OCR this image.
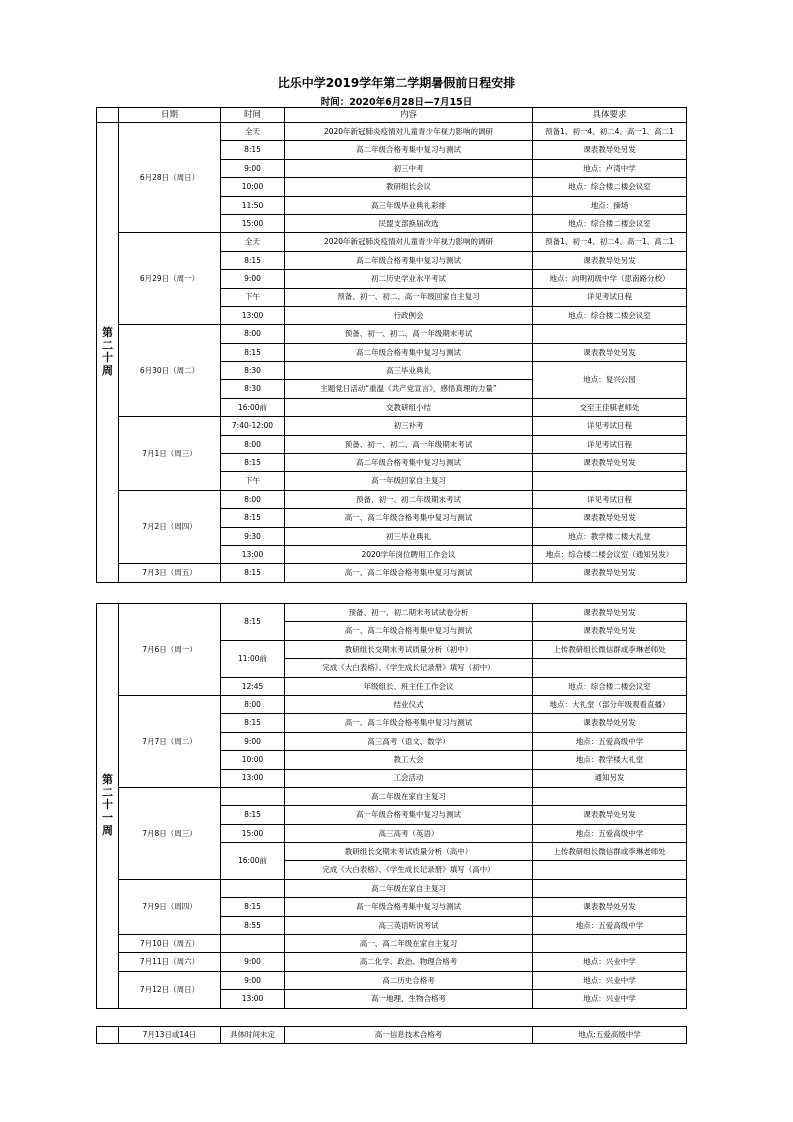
比乐中学2019学年第二学期暑假前日程安排
时间：2020年6月28日—7月15日
	日期	时间	内容	具体要求
第二十周	6月28日（周日）	全天	2020年新冠肺炎疫情对儿童青少年视力影响的调研	预备1、初一4、初二4、高一1、高二1
		8:15	高二年级合格考集中复习与测试	课表教导处另发
		9:00	初三中考	地点：卢湾中学
		10:00	教研组长会议	地点：综合楼二楼会议室
		11:50	高三年级毕业典礼彩排	地点：操场
		15:00	民盟支部换届改选	地点：综合楼二楼会议室
	6月29日（周一）	全天	2020年新冠肺炎疫情对儿童青少年视力影响的调研	预备1、初一4、初二4、高一1、高二1
		8:15	高二年级合格考集中复习与测试	课表教导处另发
		9:00	初二历史学业水平考试	地点：向明初级中学（思南路分校）
		下午	预备、初一、初二、高一年级回家自主复习	详见考试日程
		13:00	行政例会	地点：综合楼二楼会议室
	6月30日（周二）	8:00	预备、初一、初二、高一年级期末考试	
		8:15	高二年级合格考集中复习与测试	课表教导处另发
		8:30	高三毕业典礼	地点：复兴公园
		8:30	主题党日活动“重温《共产党宣言》，感悟真理的力量”	
		16:00前	交教研组小结	交至王佳骐老师处
	7月1日（周三）	7:40-12:00	初三补考	详见考试日程
		8:00	预备、初一、初二、高一年级期末考试	详见考试日程
		8:15	高二年级合格考集中复习与测试	课表教导处另发
		下午	高一年级回家自主复习	
	7月2日（周四）	8:00	预备、初一、初二年级期末考试	详见考试日程
		8:15	高一、高二年级合格考集中复习与测试	课表教导处另发
		9:30	初三毕业典礼	地点：教学楼二楼大礼堂
		13:00	2020学年岗位聘用工作会议	地点：综合楼二楼会议室（通知另发）
	7月3日（周五）	8:15	高一、高二年级合格考集中复习与测试	课表教导处另发
第二十一周	7月6日（周一）	8:15	预备、初一、初二期末考试试卷分析	课表教导处另发
			高一、高二年级合格考集中复习与测试	课表教导处另发
		11:00前	教研组长交期末考试质量分析（初中）	上传教研组长微信群或李琳老师处
			完成《大白表格》、《学生成长记录册》填写（初中）	
		12:45	年级组长、班主任工作会议	地点：综合楼二楼会议室
	7月7日（周二）	8:00	结业仪式	地点：大礼堂（部分年级观看直播）
		8:15	高一、高二年级合格考集中复习与测试	课表教导处另发
		9:00	高三高考（语文、数学）	地点：五爱高级中学
		10:00	教工大会	地点：教学楼大礼堂
		13:00	工会活动	通知另发
	7月8日（周三）		高二年级在家自主复习	
		8:15	高一年级合格考集中复习与测试	课表教导处另发
		15:00	高三高考（英语）	地点：五爱高级中学
		16:00前	教研组长交期末考试质量分析（高中）	上传教研组长微信群或李琳老师处
			完成《大白表格》、《学生成长记录册》填写（高中）	
	7月9日（周四）		高二年级在家自主复习	
		8:15	高一年级合格考集中复习与测试	课表教导处另发
		8:55	高三英语听说考试	地点：五爱高级中学
	7月10日（周五）		高一、高二年级在家自主复习	
	7月11日（周六）	9:00	高二化学、政治、物理合格考	地点：兴业中学
	7月12日（周日）	9:00	高二历史合格考	地点：兴业中学
		13:00	高一地理、生物合格考	地点：兴业中学
	7月13日或14日	具体时间未定	高一信息技术合格考	地点:五爱高级中学
